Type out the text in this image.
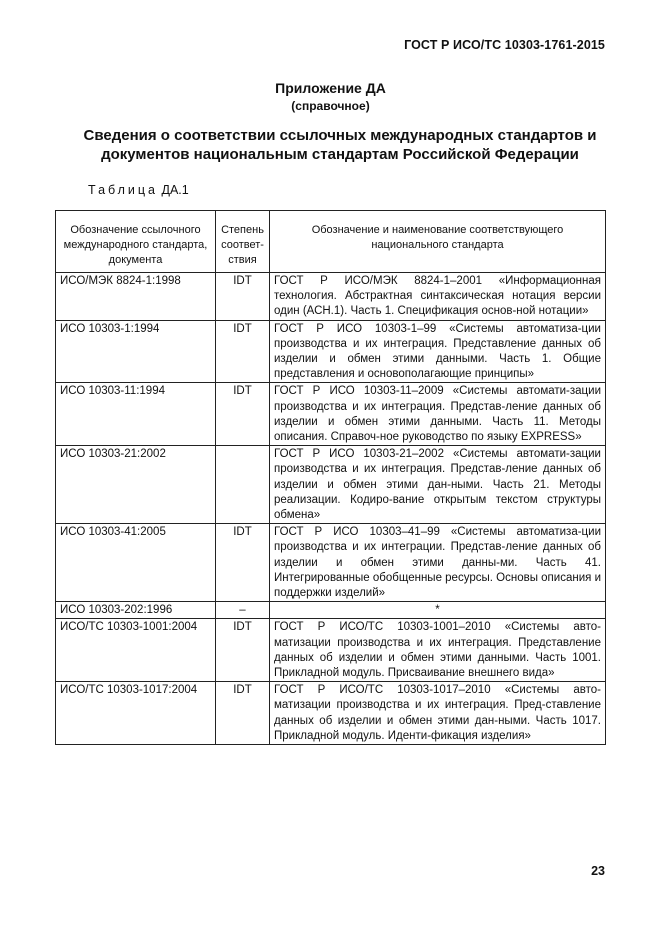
ГОСТ Р ИСО/ТС 10303-1761-2015
Приложение ДА
(справочное)
Сведения о соответствии ссылочных международных стандартов и
документов национальным стандартам Российской Федерации
Таблица ДА.1
Обозначение ссылочного международного стандарта, документа	Степень соответ-ствия	Обозначение и наименование соответствующего национального стандарта
ИСО/МЭК 8824-1:1998	IDT	ГОСТ Р ИСО/МЭК 8824-1–2001 «Информационная технология. Абстрактная синтаксическая нотация версии один (АСН.1). Часть 1. Спецификация основ-ной нотации»
ИСО 10303-1:1994	IDT	ГОСТ Р ИСО 10303-1–99 «Системы автоматиза-ции производства и их интеграция. Представление данных об изделии и обмен этими данными. Часть 1. Общие представления и основополагающие принципы»
ИСО 10303-11:1994	IDT	ГОСТ Р ИСО 10303-11–2009 «Системы автомати-зации производства и их интеграция. Представ-ление данных об изделии и обмен этими данными. Часть 11. Методы описания. Справоч-ное руководство по языку EXPRESS»
ИСО 10303-21:2002		ГОСТ Р ИСО 10303-21–2002 «Системы автомати-зации производства и их интеграция. Представ-ление данных об изделии и обмен этими дан-ными. Часть 21. Методы реализации. Кодиро-вание открытым текстом структуры обмена»
ИСО 10303-41:2005	IDT	ГОСТ Р ИСО 10303–41–99 «Системы автоматиза-ции производства и их интеграции. Представ-ление данных об изделии и обмен этими данны-ми. Часть 41. Интегрированные обобщенные ресурсы. Основы описания и поддержки изделий»
ИСО 10303-202:1996	–	*
ИСО/ТС 10303-1001:2004	IDT	ГОСТ Р ИСО/ТС 10303-1001–2010 «Системы авто-матизации производства и их интеграция. Представление данных об изделии и обмен этими данными. Часть 1001. Прикладной модуль. Присваивание внешнего вида»
ИСО/ТС 10303-1017:2004	IDT	ГОСТ Р ИСО/ТС 10303-1017–2010 «Системы авто-матизации производства и их интеграция. Пред-ставление данных об изделии и обмен этими дан-ными. Часть 1017. Прикладной модуль. Иденти-фикация изделия»
23
